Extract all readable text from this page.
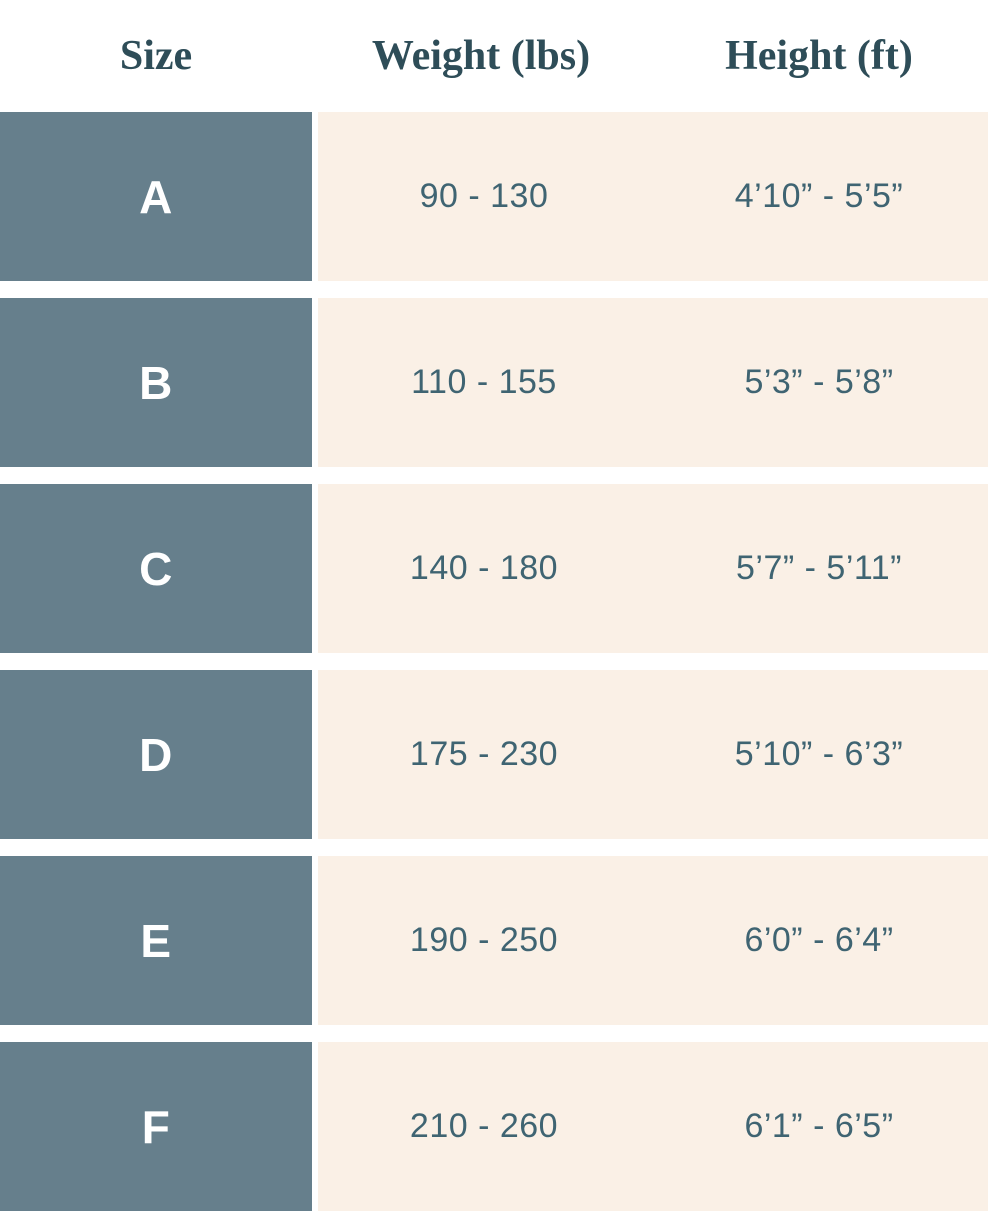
Size	Weight (lbs)	Height (ft)
A	90 - 130	4’10” - 5’5”
B	110 - 155	5’3” - 5’8”
C	140 - 180	5’7” - 5’11”
D	175 - 230	5’10” - 6’3”
E	190 - 250	6’0” - 6’4”
F	210 - 260	6’1” - 6’5”
